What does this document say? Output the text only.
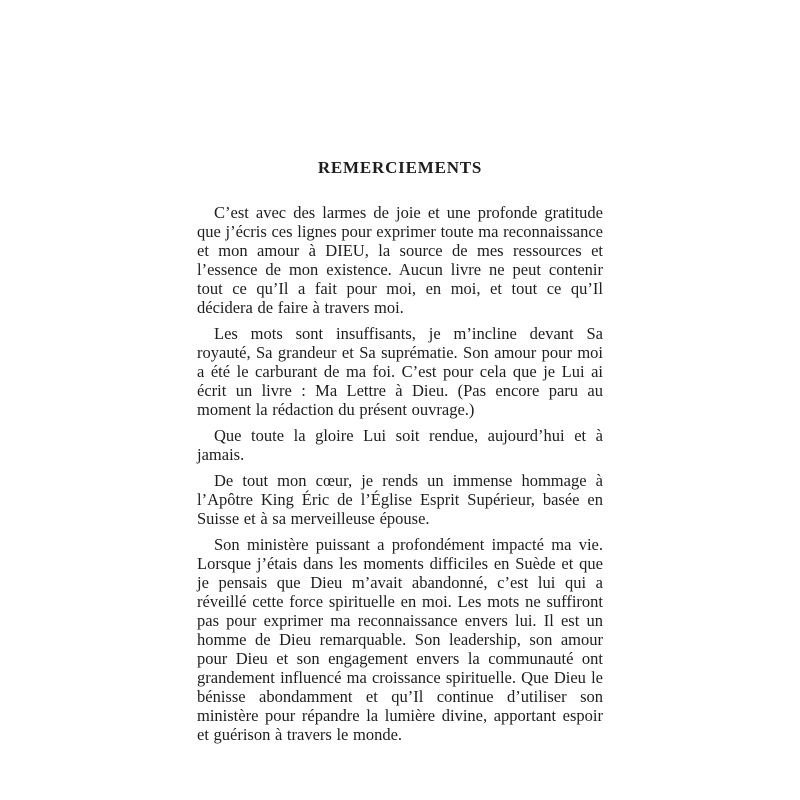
REMERCIEMENTS

C’est avec des larmes de joie et une profonde gratitude que j’écris ces lignes pour exprimer toute ma reconnaissance et mon amour à DIEU, la source de mes ressources et l’essence de mon existence. Aucun livre ne peut contenir tout ce qu’Il a fait pour moi, en moi, et tout ce qu’Il décidera de faire à travers moi.

Les mots sont insuffisants, je m’incline devant Sa royauté, Sa grandeur et Sa suprématie. Son amour pour moi a été le carburant de ma foi. C’est pour cela que je Lui ai écrit un livre : Ma Lettre à Dieu. (Pas encore paru au moment la rédaction du présent ouvrage.)

Que toute la gloire Lui soit rendue, aujourd’hui et à jamais.

De tout mon cœur, je rends un immense hommage à l’Apôtre King Éric de l’Église Esprit Supérieur, basée en Suisse et à sa merveilleuse épouse.

Son ministère puissant a profondément impacté ma vie. Lorsque j’étais dans les moments difficiles en Suède et que je pensais que Dieu m’avait abandonné, c’est lui qui a réveillé cette force spirituelle en moi. Les mots ne suffiront pas pour exprimer ma reconnaissance envers lui. Il est un homme de Dieu remarquable. Son leadership, son amour pour Dieu et son engagement envers la communauté ont grandement influencé ma croissance spirituelle. Que Dieu le bénisse abondamment et qu’Il continue d’utiliser son ministère pour répandre la lumière divine, apportant espoir et guérison à travers le monde.
